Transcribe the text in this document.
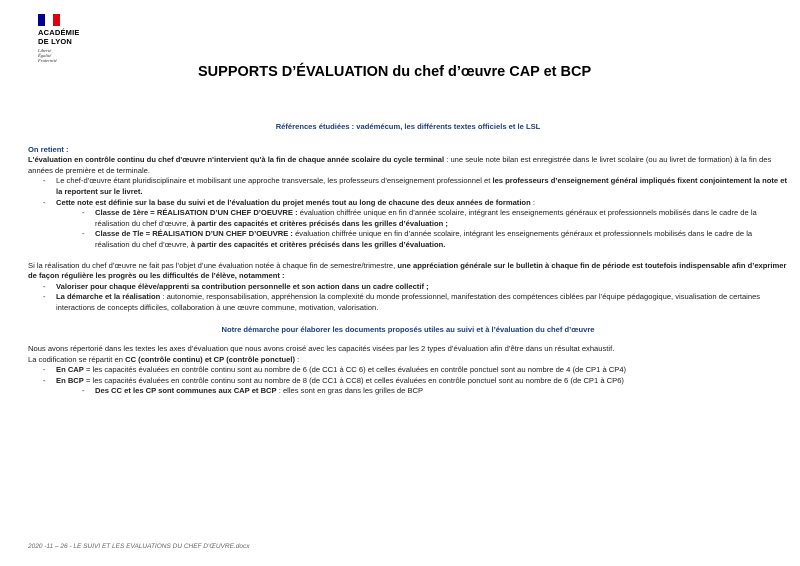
ACADÉMIE
DE LYON
Liberté
Égalité
Fraternité
SUPPORTS D’ÉVALUATION du chef d’œuvre CAP et BCP

Références étudiées : vadémécum, les différents textes officiels et le LSL

On retient :

L'évaluation en contrôle continu du chef d'œuvre n'intervient qu'à la fin de chaque année scolaire du cycle terminal : une seule note bilan est enregistrée dans le livret scolaire (ou au livret de formation) à la fin des années de première et de terminale.

- Le chef-d’œuvre étant pluridisciplinaire et mobilisant une approche transversale, les professeurs d’enseignement professionnel et les professeurs d’enseignement général impliqués fixent conjointement la note et la reportent sur le livret.
- Cette note est définie sur la base du suivi et de l’évaluation du projet menés tout au long de chacune des deux années de formation :
- Classe de 1ère = RÉALISATION D’UN CHEF D’OEUVRE : évaluation chiffrée unique en fin d’année scolaire, intégrant les enseignements généraux et professionnels mobilisés dans le cadre de la réalisation du chef d’œuvre, à partir des capacités et critères précisés dans les grilles d’évaluation ;
- Classe de Tle = RÉALISATION D’UN CHEF D’OEUVRE : évaluation chiffrée unique en fin d’année scolaire, intégrant les enseignements généraux et professionnels mobilisés dans le cadre de la réalisation du chef d’œuvre, à partir des capacités et critères précisés dans les grilles d’évaluation.

Si la réalisation du chef d’œuvre ne fait pas l’objet d’une évaluation notée à chaque fin de semestre/trimestre, une appréciation générale sur le bulletin à chaque fin de période est toutefois indispensable afin d’exprimer de façon régulière les progrès ou les difficultés de l’élève, notamment :

- Valoriser pour chaque élève/apprenti sa contribution personnelle et son action dans un cadre collectif ;
- La démarche et la réalisation : autonomie, responsabilisation, appréhension la complexité du monde professionnel, manifestation des compétences ciblées par l’équipe pédagogique, visualisation de certaines interactions de concepts difficiles, collaboration à une œuvre commune, motivation, valorisation.

Notre démarche pour élaborer les documents proposés utiles au suivi et à l’évaluation du chef d’œuvre

Nous avons répertorié dans les textes les axes d’évaluation que nous avons croisé avec les capacités visées par les 2 types d’évaluation afin d’être dans un résultat exhaustif.

La codification se répartit en CC (contrôle continu) et CP (contrôle ponctuel) :

- En CAP = les capacités évaluées en contrôle continu sont au nombre de 6 (de CC1 à CC 6) et celles évaluées en contrôle ponctuel sont au nombre de 4 (de CP1 à CP4)
- En BCP = les capacités évaluées en contrôle continu sont au nombre de 8 (de CC1 à CC8) et celles évaluées en contrôle ponctuel sont au nombre de 6 (de CP1 à CP6)
- Des CC et les CP sont communes aux CAP et BCP : elles sont en gras dans les grilles de BCP
2020 -11 – 26 - LE SUIVI ET LES EVALUATIONS DU CHEF D’ŒUVRE.docx
